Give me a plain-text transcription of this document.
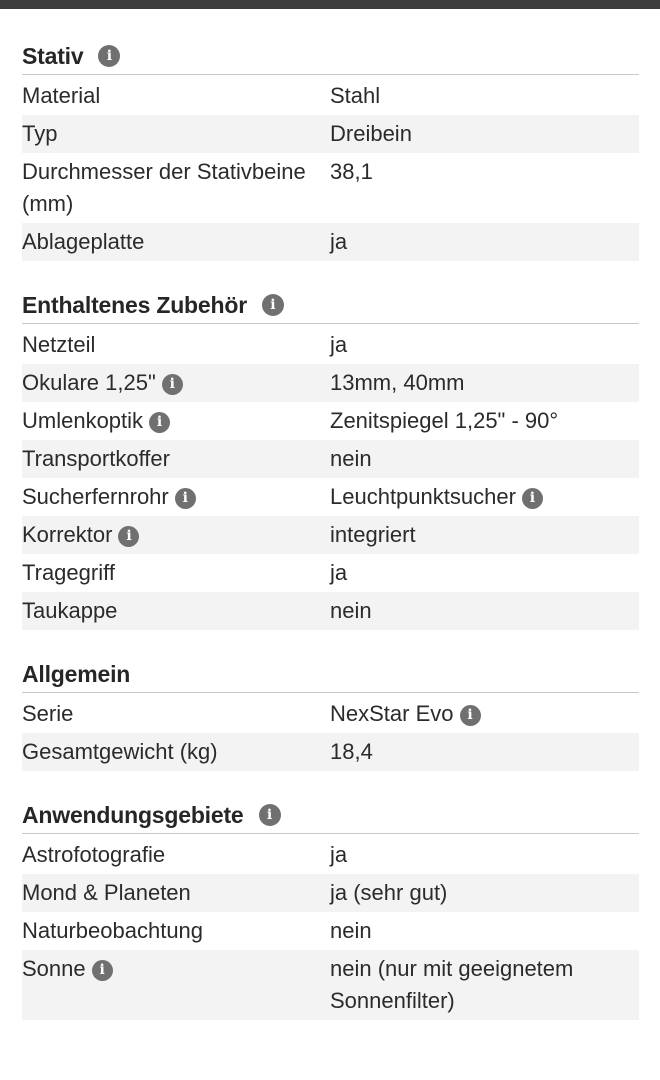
Stativ	i
Material	Stahl
Typ	Dreibein
Durchmesser der Stativbeine (mm)	38,1
Ablageplatte	ja
Enthaltenes Zubehör	i
Netzteil	ja
Okulare 1,25" i	13mm, 40mm
Umlenkoptik i	Zenitspiegel 1,25" - 90°
Transportkoffer	nein
Sucherfernrohr i	Leuchtpunktsucher i
Korrektor i	integriert
Tragegriff	ja
Taukappe	nein
Allgemein
Serie	NexStar Evo i
Gesamtgewicht (kg)	18,4
Anwendungsgebiete	i
Astrofotografie	ja
Mond & Planeten	ja (sehr gut)
Naturbeobachtung	nein
Sonne i	nein (nur mit geeignetem Sonnenfilter)
